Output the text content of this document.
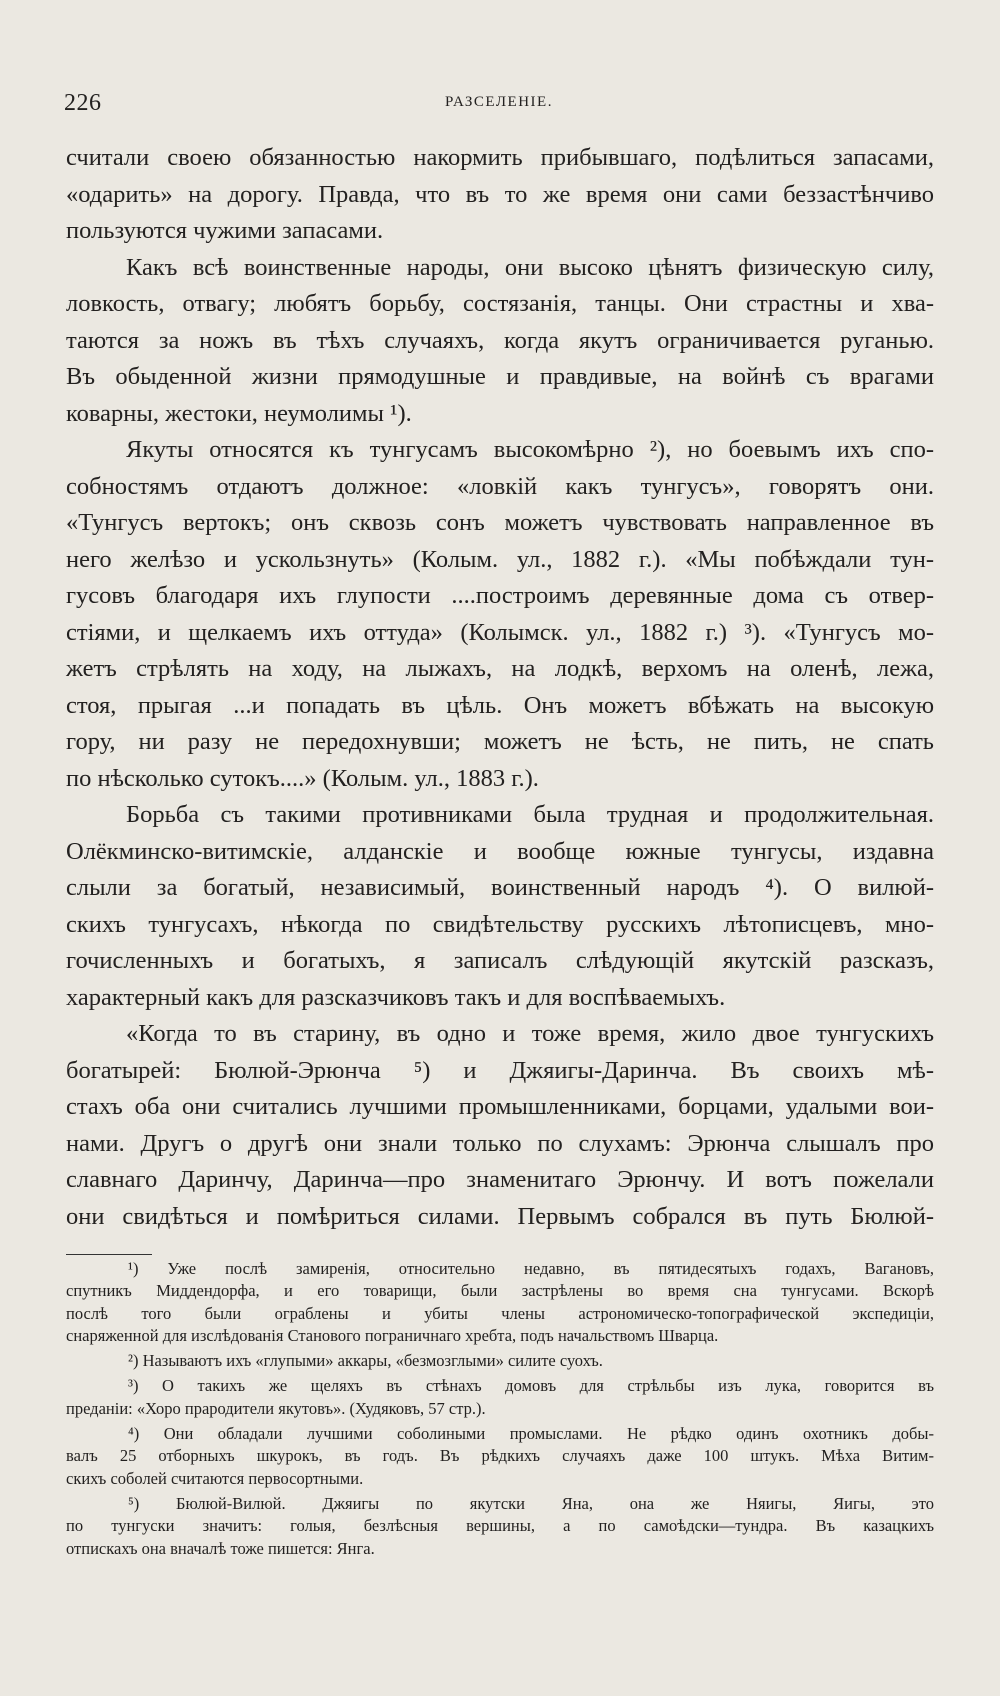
226	РАЗСЕЛЕНІЕ.
считали своею обязанностью накормить прибывшаго, подѣлиться запасами,
«одарить» на дорогу. Правда, что въ то же время они сами беззастѣнчиво
пользуются чужими запасами.
Какъ всѣ воинственные народы, они высоко цѣнятъ физическую силу,
ловкость, отвагу; любятъ борьбу, состязанія, танцы. Они страстны и хва-
таются за ножъ въ тѣхъ случаяхъ, когда якутъ ограничивается руганью.
Въ обыденной жизни прямодушные и правдивые, на войнѣ съ врагами
коварны, жестоки, неумолимы ¹).
Якуты относятся къ тунгусамъ высокомѣрно ²), но боевымъ ихъ спо-
собностямъ отдаютъ должное: «ловкій какъ тунгусъ», говорятъ они.
«Тунгусъ вертокъ; онъ сквозь сонъ можетъ чувствовать направленное въ
него желѣзо и ускользнуть» (Колым. ул., 1882 г.). «Мы побѣждали тун-
гусовъ благодаря ихъ глупости ....построимъ деревянные дома съ отвер-
стіями, и щелкаемъ ихъ оттуда» (Колымск. ул., 1882 г.) ³). «Тунгусъ мо-
жетъ стрѣлять на ходу, на лыжахъ, на лодкѣ, верхомъ на оленѣ, лежа,
стоя, прыгая ...и попадать въ цѣль. Онъ можетъ вбѣжать на высокую
гору, ни разу не передохнувши; можетъ не ѣсть, не пить, не спать
по нѣсколько сутокъ....» (Колым. ул., 1883 г.).
Борьба съ такими противниками была трудная и продолжительная.
Олёкминско-витимскіе, алданскіе и вообще южные тунгусы, издавна
слыли за богатый, независимый, воинственный народъ ⁴). О вилюй-
скихъ тунгусахъ, нѣкогда по свидѣтельству русскихъ лѣтописцевъ, мно-
гочисленныхъ и богатыхъ, я записалъ слѣдующій якутскій разсказъ,
характерный какъ для разсказчиковъ такъ и для воспѣваемыхъ.
«Когда то въ старину, въ одно и тоже время, жило двое тунгускихъ
богатырей: Бюлюй-Эрюнча ⁵) и Джяигы-Даринча. Въ своихъ мѣ-
стахъ оба они считались лучшими промышленниками, борцами, удалыми вои-
нами. Другъ о другѣ они знали только по слухамъ: Эрюнча слышалъ про
славнаго Даринчу, Даринча—про знаменитаго Эрюнчу. И вотъ пожелали
они свидѣться и помѣриться силами. Первымъ собрался въ путь Бюлюй-
¹) Уже послѣ замиренія, относительно недавно, въ пятидесятыхъ годахъ, Вагановъ,
спутникъ Миддендорфа, и его товарищи, были застрѣлены во время сна тунгусами. Вскорѣ
послѣ того были ограблены и убиты члены астрономическо-топографической экспедиціи,
снаряженной для изслѣдованія Станового пограничнаго хребта, подъ начальствомъ Шварца.
²) Называютъ ихъ «глупыми» аккары, «безмозглыми» силите суохъ.
³) О такихъ же щеляхъ въ стѣнахъ домовъ для стрѣльбы изъ лука, говорится въ
преданіи: «Хоро прародители якутовъ». (Худяковъ, 57 стр.).
⁴) Они обладали лучшими соболиными промыслами. Не рѣдко одинъ охотникъ добы-
валъ 25 отборныхъ шкурокъ, въ годъ. Въ рѣдкихъ случаяхъ даже 100 штукъ. Мѣха Витим-
скихъ соболей считаются первосортными.
⁵) Бюлюй-Вилюй. Джяигы по якутски Яна, она же Няигы, Яигы, это
по тунгуски значитъ: голыя, безлѣсныя вершины, а по самоѣдски—тундра. Въ казацкихъ
отпискахъ она вначалѣ тоже пишется: Янга.
